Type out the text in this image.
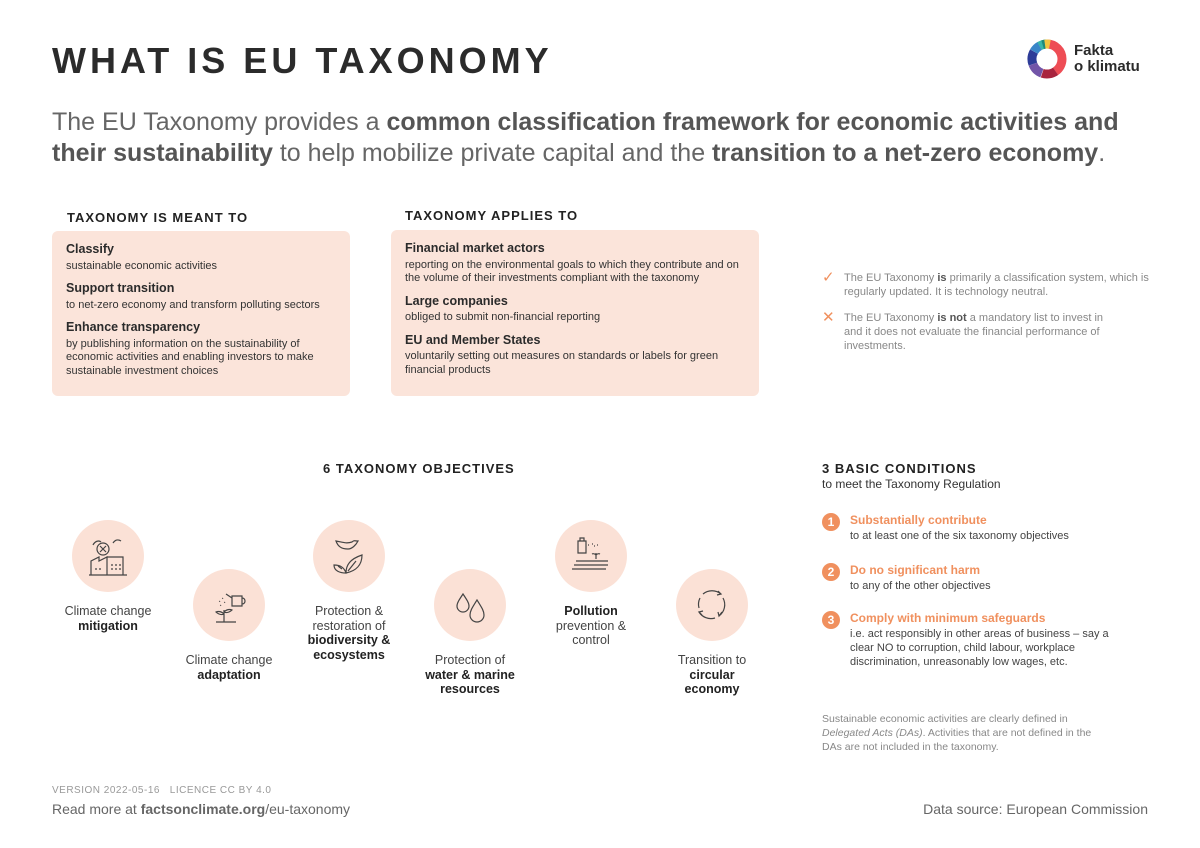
WHAT IS EU TAXONOMY	Fakta
o klimatu
The EU Taxonomy provides a common classification framework for economic activities and their sustainability to help mobilize private capital and the transition to a net-zero economy.
TAXONOMY IS MEANT TO
Classify
sustainable economic activities
Support transition
to net-zero economy and transform polluting sectors
Enhance transparency
by publishing information on the sustainability of economic activities and enabling investors to make sustainable investment choices
TAXONOMY APPLIES TO
Financial market actors
reporting on the environmental goals to which they contribute and on the volume of their investments compliant with the taxonomy
Large companies
obliged to submit non-financial reporting
EU and Member States
voluntarily setting out measures on standards or labels for green financial products
✓ The EU Taxonomy is primarily a classification system, which is regularly updated. It is technology neutral.
✕ The EU Taxonomy is not a mandatory list to invest in and it does not evaluate the financial performance of investments.
6 TAXONOMY OBJECTIVES
Climate change
mitigation
Climate change
adaptation
Protection & restoration of
biodiversity & ecosystems	Protection of
water & marine resources
Pollution
prevention & control
Transition to
circular economy
3 BASIC CONDITIONS
to meet the Taxonomy Regulation
1	Substantially contribute
to at least one of the six taxonomy objectives
2	Do no significant harm
to any of the other objectives
3	Comply with minimum safeguards
i.e. act responsibly in other areas of business – say a clear NO to corruption, child labour, workplace discrimination, unreasonably low wages, etc.
Sustainable economic activities are clearly defined in Delegated Acts (DAs). Activities that are not defined in the DAs are not included in the taxonomy.
VERSION 2022-05-16 LICENCE CC BY 4.0
Read more at factsonclimate.org/eu-taxonomy	Data source: European Commission
